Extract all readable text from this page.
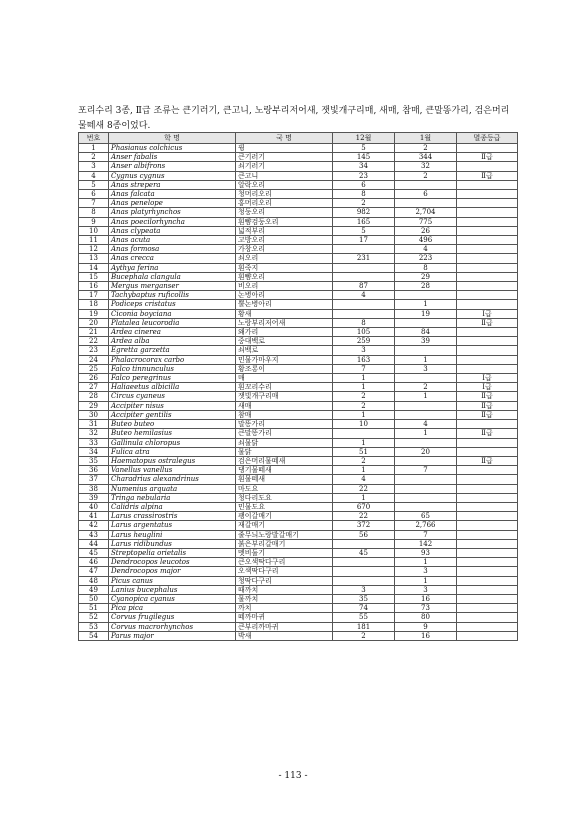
포리수리 3종, Ⅱ급 조류는 큰기러기, 큰고니, 노랑부리저어새, 잿빛개구리매, 새매, 참매, 큰말똥가리, 검은머리물떼새 8종이었다.
번호	학 명	국 명	12월	1월	멸종등급
1	Phasianus colchicus	꿩	5	2	
2	Anser fabalis	큰기러기	145	344	Ⅱ급
3	Anser albifrons	쇠기러기	34	32	
4	Cygnus cygnus	큰고니	23	2	Ⅱ급
5	Anas strepera	알락오리	6		
6	Anas falcata	청머리오리	8	6	
7	Anas penelope	홍머리오리	2		
8	Anas platyrhynchos	청둥오리	982	2,704	
9	Anas poecilorhyncha	흰뺨검둥오리	165	775	
10	Anas clypeata	넓적부리	5	26	
11	Anas acuta	고방오리	17	496	
12	Anas formosa	가창오리		4	
13	Anas crecca	쇠오리	231	223	
14	Aythya ferina	흰죽지		8	
15	Bucephala clangula	흰뺨오리		29	
16	Mergus merganser	비오리	87	28	
17	Tachybaptus ruficollis	논병아리	4		
18	Podiceps cristatus	뿔논병아리		1	
19	Ciconia boyciana	황새		19	Ⅰ급
20	Platalea leucorodia	노랑부리저어새	8		Ⅱ급
21	Ardea cinerea	왜가리	105	84	
22	Ardea alba	중대백로	259	39	
23	Egretta garzetta	쇠백로	3		
24	Phalacrocorax carbo	민물가마우지	163	1	
25	Falco tinnunculus	황조롱이	7	3	
26	Falco peregrinus	매	1		Ⅰ급
27	Haliaeetus albicilla	흰꼬리수리	1	2	Ⅰ급
28	Circus cyaneus	잿빛개구리매	2	1	Ⅱ급
29	Accipiter nisus	새매	2		Ⅱ급
30	Accipiter gentilis	참매	1		Ⅱ급
31	Buteo buteo	말똥가리	10	4	
32	Buteo hemilasius	큰말똥가리		1	Ⅱ급
33	Gallinula chloropus	쇠물닭	1		
34	Fulica atra	물닭	51	20	
35	Haematopus ostralegus	검은머리물떼새	2		Ⅱ급
36	Vanellus vanellus	댕기물떼새	1	7	
37	Charadrius alexandrinus	흰물떼새	4		
38	Numenius arquata	마도요	22		
39	Tringa nebularia	청다리도요	1		
40	Calidris alpina	민물도요	670		
41	Larus crassirostris	괭이갈매기	22	65	
42	Larus argentatus	재갈매기	372	2,766	
43	Larus heuglini	줄무늬노랑발갈매기	56	7	
44	Larus ridibundus	붉은부리갈매기		142	
45	Streptopelia orietalis	멧비둘기	45	93	
46	Dendrocopos leucotos	큰오색딱다구리		1	
47	Dendrocopos major	오색딱다구리		3	
48	Picus canus	청딱다구리		1	
49	Lanius bucephalus	때까치	3	3	
50	Cyanopica cyanus	물까치	35	16	
51	Pica pica	까치	74	73	
52	Corvus frugilegus	떼까마귀	55	80	
53	Corvus macrorhynchos	큰부리까마귀	181	9	
54	Parus major	박새	2	16	
- 113 -
